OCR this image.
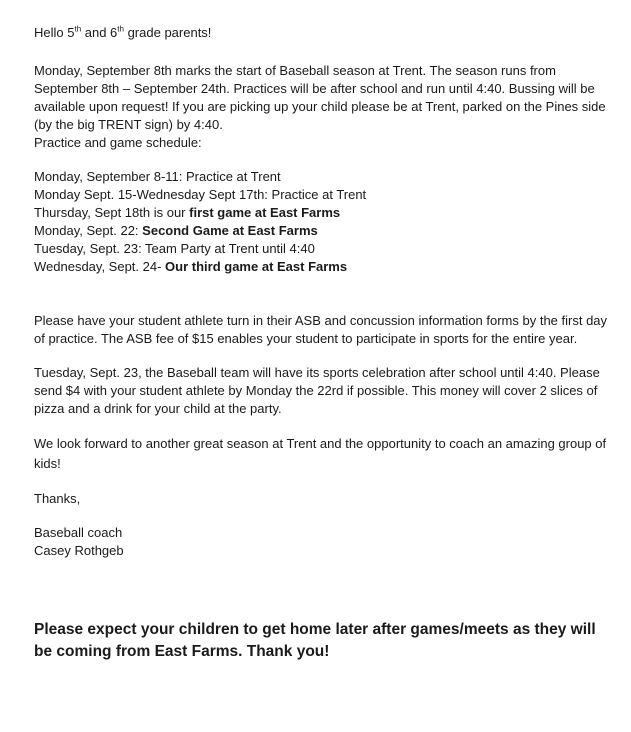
Hello 5th and 6th grade parents!

Monday, September 8th marks the start of Baseball season at Trent. The season runs from September 8th – September 24th. Practices will be after school and run until 4:40. Bussing will be available upon request! If you are picking up your child please be at Trent, parked on the Pines side (by the big TRENT sign) by 4:40.

Practice and game schedule:

Monday, September 8-11: Practice at Trent

Monday Sept. 15-Wednesday Sept 17th: Practice at Trent

Thursday, Sept 18th is our first game at East Farms

Monday, Sept. 22: Second Game at East Farms

Tuesday, Sept. 23: Team Party at Trent until 4:40

Wednesday, Sept. 24- Our third game at East Farms

Please have your student athlete turn in their ASB and concussion information forms by the first day of practice. The ASB fee of $15 enables your student to participate in sports for the entire year.

Tuesday, Sept. 23, the Baseball team will have its sports celebration after school until 4:40. Please send $4 with your student athlete by Monday the 22rd if possible. This money will cover 2 slices of pizza and a drink for your child at the party.

We look forward to another great season at Trent and the opportunity to coach an amazing group of kids!

Thanks,

Baseball coach

Casey Rothgeb

Please expect your children to get home later after games/meets as they will be coming from East Farms. Thank you!
